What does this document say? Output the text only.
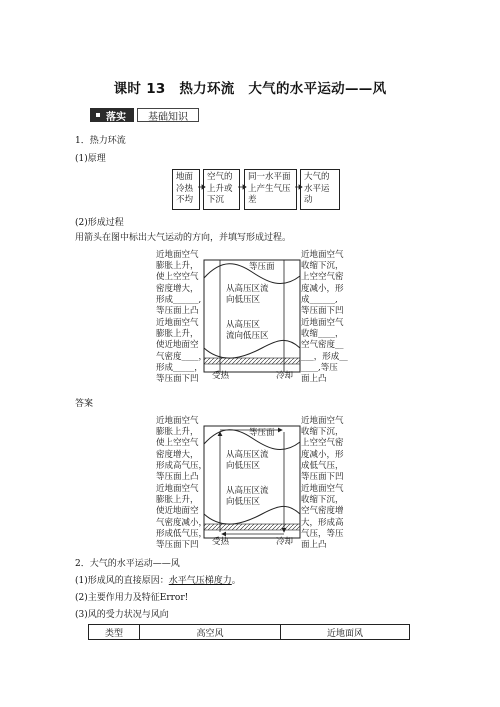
课时 13　热力环流　大气的水平运动——风
落实	基础知识
1．热力环流
(1)原理
地面冷热不均
空气的上升或下沉
同一水平面上产生气压差
大气的水平运动
(2)形成过程
用箭头在图中标出大气运动的方向，并填写形成过程。
等压面
从高压区流
向低压区
从高压区
流向低压区
受热	冷却
近地面空气
膨胀上升，
使上空空气
密度增大，
形成______,
等压面上凸
近地面空气
膨胀上升，
使近地面空
气密度____，
形成_____，
等压面下凹
近地面空气
收缩下沉，
上空空气密
度减小，形
成______,
等压面下凹
近地面空气
收缩____，
空气密度__
___，形成__
____,等压
面上凸
答案
等压面
从高压区流
向低压区
从高压区流
向低压区
受热	冷却
近地面空气
膨胀上升，
使上空空气
密度增大，
形成高气压，
等压面上凸
近地面空气
膨胀上升，
使近地面空
气密度减小，
形成低气压，
等压面下凹
近地面空气
收缩下沉，
上空空气密
度减小，形
成低气压，
等压面下凹
近地面空气
收缩下沉，
空气密度增
大，形成高
气压，等压
面上凸
2．大气的水平运动——风
(1)形成风的直接原因：水平气压梯度力。
(2)主要作用力及特征Error!
(3)风的受力状况与风向
类型	高空风	近地面风
